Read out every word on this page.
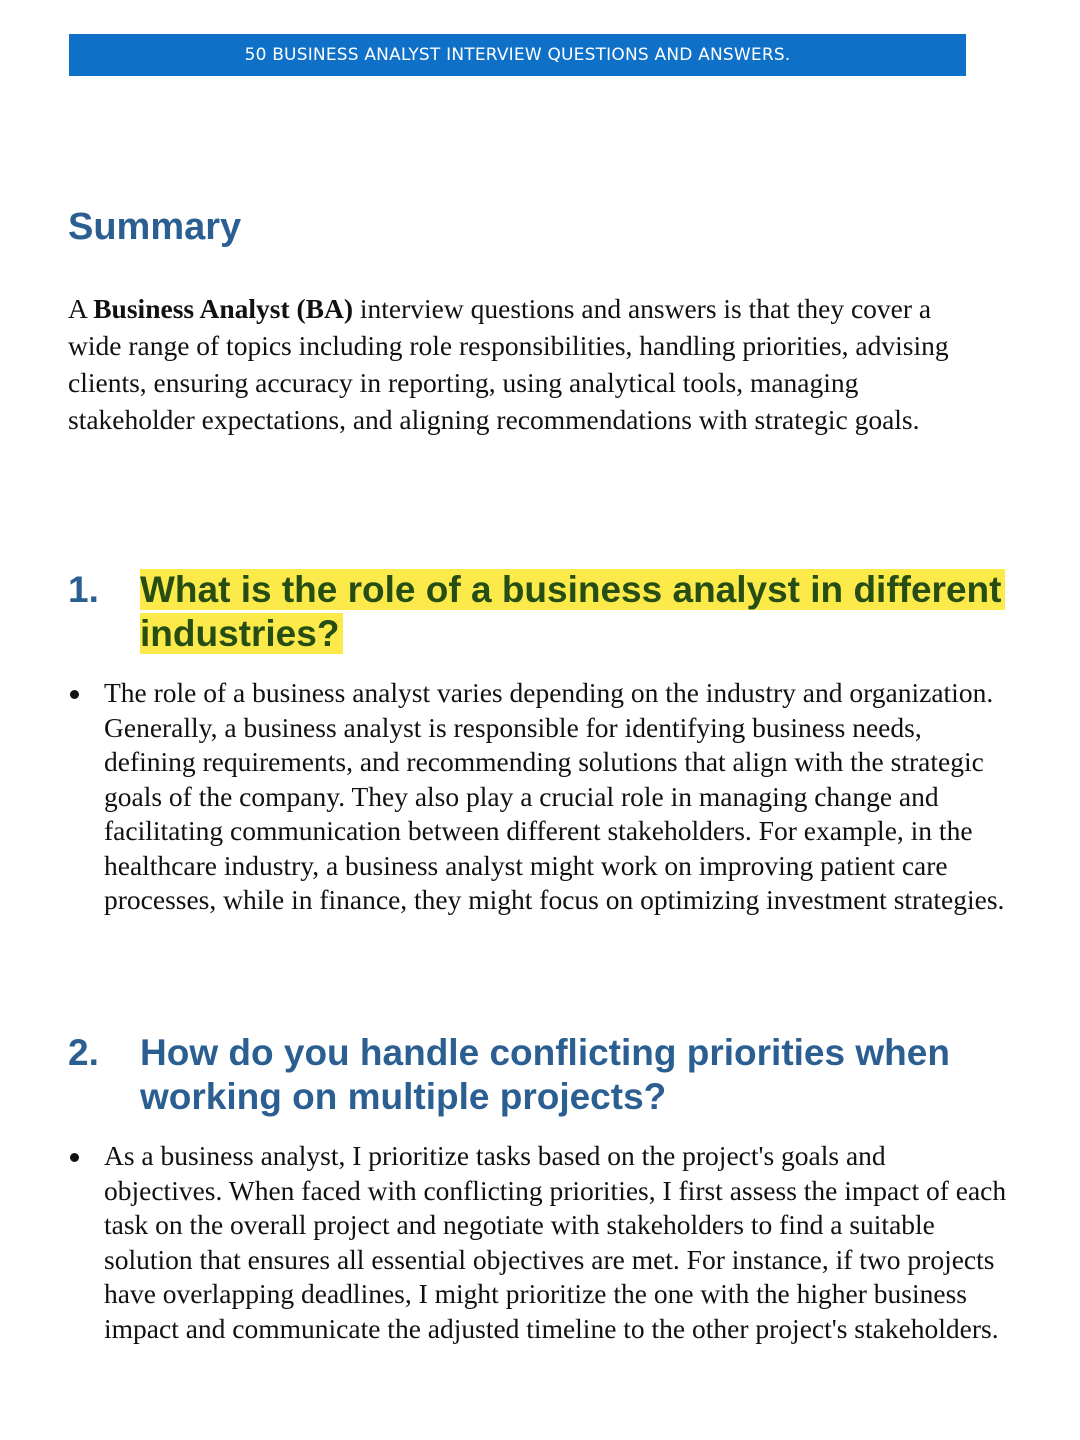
50 BUSINESS ANALYST INTERVIEW QUESTIONS AND ANSWERS.
Summary

A Business Analyst (BA) interview questions and answers is that they cover a wide range of topics including role responsibilities, handling priorities, advising clients, ensuring accuracy in reporting, using analytical tools, managing stakeholder expectations, and aligning recommendations with strategic goals.

1. What is the role of a business analyst in different industries?

The role of a business analyst varies depending on the industry and organization. Generally, a business analyst is responsible for identifying business needs, defining requirements, and recommending solutions that align with the strategic goals of the company. They also play a crucial role in managing change and facilitating communication between different stakeholders. For example, in the healthcare industry, a business analyst might work on improving patient care processes, while in finance, they might focus on optimizing investment strategies.

2. How do you handle conflicting priorities when working on multiple projects?

As a business analyst, I prioritize tasks based on the project's goals and objectives. When faced with conflicting priorities, I first assess the impact of each task on the overall project and negotiate with stakeholders to find a suitable solution that ensures all essential objectives are met. For instance, if two projects have overlapping deadlines, I might prioritize the one with the higher business impact and communicate the adjusted timeline to the other project's stakeholders.
